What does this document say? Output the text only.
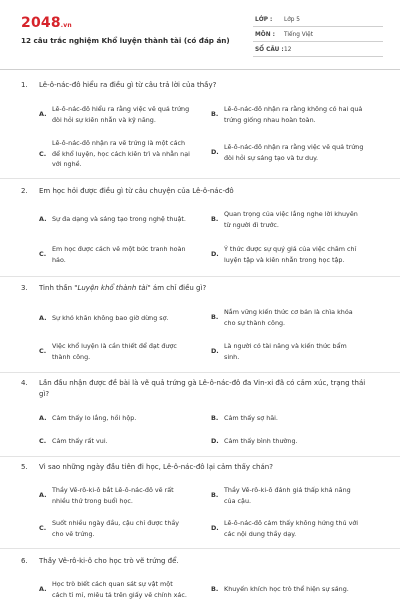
2048.vn
12 câu trắc nghiệm Khổ luyện thành tài (có đáp án)
LỚP : Lớp 5
MÔN : Tiếng Việt
SỐ CÂU : 12
1. Lê-ô-nác-đô hiểu ra điều gì từ câu trả lời của thầy?
A.
Lê-ô-nác-đô hiểu ra rằng việc vẽ quả trứng
đòi hỏi sự kiên nhẫn và kỹ năng.
B.
Lê-ô-nác-đô nhận ra rằng không có hai quả
trứng giống nhau hoàn toàn.
C.
Lê-ô-nác-đô nhận ra vẽ trứng là một cách
để khổ luyện, học cách kiên trì và nhẫn nại
với nghề.
D.
Lê-ô-nác-đô nhận ra rằng việc vẽ quả trứng
đòi hỏi sự sáng tạo và tư duy.
2. Em học hỏi được điều gì từ câu chuyện của Lê-ô-nác-đô
A. Sự đa dạng và sáng tạo trong nghệ thuật.	B.
Quan trọng của việc lắng nghe lời khuyên
từ người đi trước.
C.
Em học được cách vẽ một bức tranh hoàn
hảo.
D.
Ý thức được sự quý giá của việc chăm chỉ
luyện tập và kiên nhẫn trong học tập.
3. Tinh thần "Luyện khổ thành tài" ám chỉ điều gì?
A. Sự khó khăn không bao giờ dừng sợ.	B.
Nắm vững kiến thức cơ bản là chìa khóa
cho sự thành công.
C.
Việc khổ luyện là cần thiết để đạt được
thành công.
D.
Là người có tài năng và kiến thức bẩm
sinh.
4. Lần đầu nhận được đề bài là vẽ quả trứng gà Lê-ô-nác-đô đa Vin-xi đã có cảm xúc, trạng thái
gì?
A. Cảm thấy lo lắng, hồi hộp.	B. Cảm thấy sợ hãi.
C. Cảm thấy rất vui.	D. Cảm thấy bình thường.
5. Vì sao những ngày đầu tiên đi học, Lê-ô-nác-đô lại cảm thấy chán?
A.
Thầy Vê-rô-ki-ô bắt Lê-ô-nác-đô vẽ rất
nhiều thứ trong buổi học.
B.
Thầy Vê-rô-ki-ô đánh giá thấp khả năng
của cậu.
C.
Suốt nhiều ngày đầu, cậu chỉ được thầy
cho vẽ trứng.
D.
Lê-ô-nác-đô cảm thấy không hứng thú với
các nội dung thầy dạy.
6. Thầy Vê-rô-ki-ô cho học trò vẽ trứng để.
A.
Học trò biết cách quan sát sự vật một
cách tỉ mỉ, miêu tả trên giấy vẽ chính xác.
B. Khuyến khích học trò thể hiện sự sáng.
